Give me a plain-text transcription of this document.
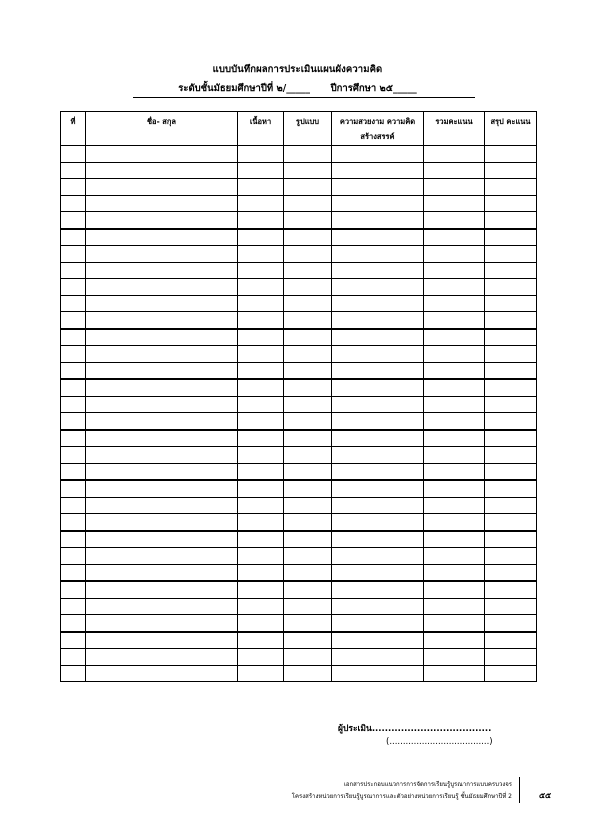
แบบบันทึกผลการประเมินแผนผังความคิด
ระดับชั้นมัธยมศึกษาปีที่ ๒/_____ ปีการศึกษา ๒๕_____
ที่	ชื่อ- สกุล	เนื้อหา	รูปแบบ	ความสวยงาม ความคิดสร้างสรรค์	รวมคะแนน	สรุป คะแนน

ผู้ประเมิน.....................................
(.....................................)
เอกสารประกอบแนวการการจัดการเรียนรู้บูรณาการแบบครบวงจร
โครงสร้างหน่วยการเรียนรู้บูรณาการและตัวอย่างหน่วยการเรียนรู้ ชั้นมัธยมศึกษาปีที่ 2	๕๕
